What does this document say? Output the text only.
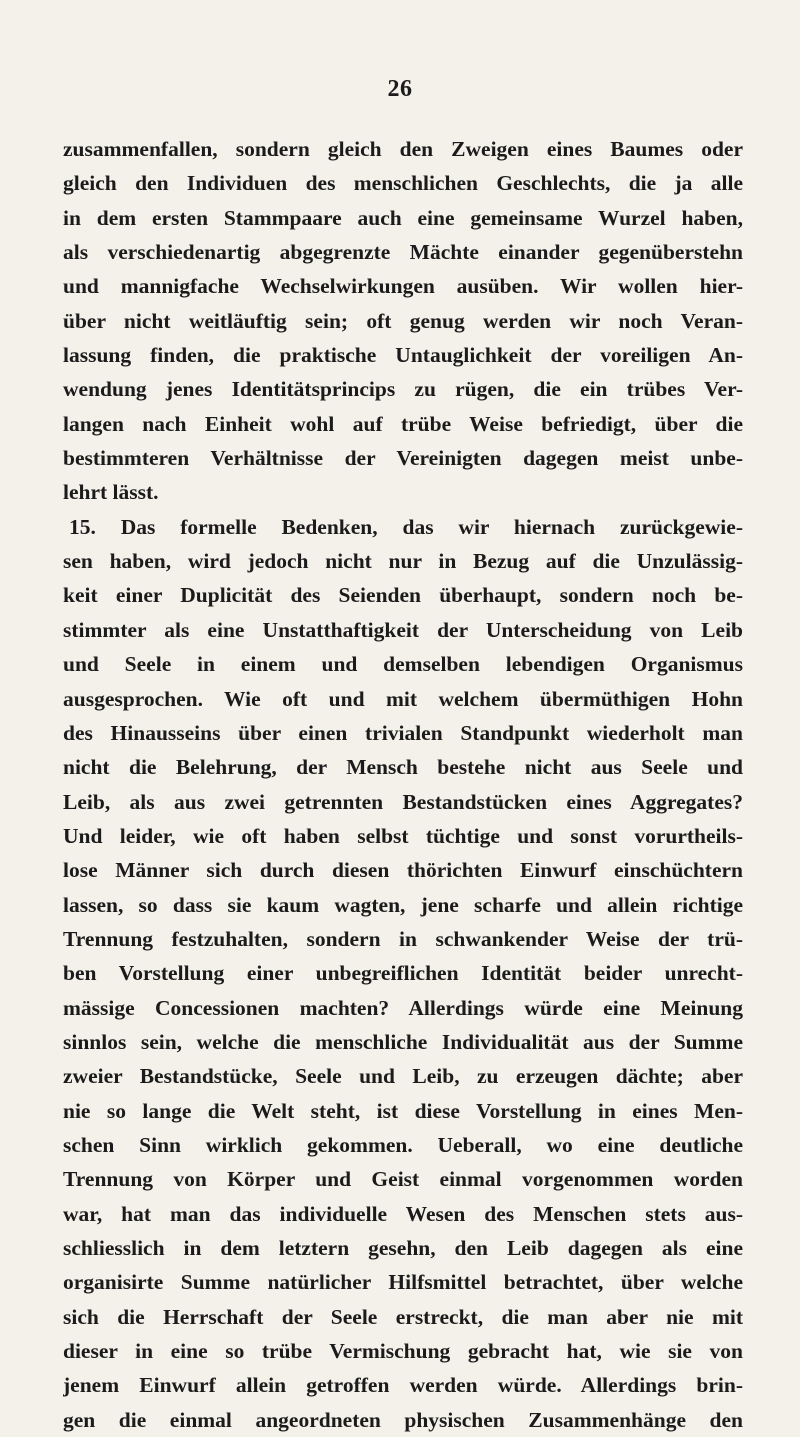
26
zusammenfallen, sondern gleich den Zweigen eines Baumes oder
gleich den Individuen des menschlichen Geschlechts, die ja alle
in dem ersten Stammpaare auch eine gemeinsame Wurzel haben,
als verschiedenartig abgegrenzte Mächte einander gegenüberstehn
und mannigfache Wechselwirkungen ausüben. Wir wollen hier-
über nicht weitläuftig sein; oft genug werden wir noch Veran-
lassung finden, die praktische Untauglichkeit der voreiligen An-
wendung jenes Identitätsprincips zu rügen, die ein trübes Ver-
langen nach Einheit wohl auf trübe Weise befriedigt, über die
bestimmteren Verhältnisse der Vereinigten dagegen meist unbe-
lehrt lässt.
15. Das formelle Bedenken, das wir hiernach zurückgewie-
sen haben, wird jedoch nicht nur in Bezug auf die Unzulässig-
keit einer Duplicität des Seienden überhaupt, sondern noch be-
stimmter als eine Unstatthaftigkeit der Unterscheidung von Leib
und Seele in einem und demselben lebendigen Organismus
ausgesprochen. Wie oft und mit welchem übermüthigen Hohn
des Hinausseins über einen trivialen Standpunkt wiederholt man
nicht die Belehrung, der Mensch bestehe nicht aus Seele und
Leib, als aus zwei getrennten Bestandstücken eines Aggregates?
Und leider, wie oft haben selbst tüchtige und sonst vorurtheils-
lose Männer sich durch diesen thörichten Einwurf einschüchtern
lassen, so dass sie kaum wagten, jene scharfe und allein richtige
Trennung festzuhalten, sondern in schwankender Weise der trü-
ben Vorstellung einer unbegreiflichen Identität beider unrecht-
mässige Concessionen machten? Allerdings würde eine Meinung
sinnlos sein, welche die menschliche Individualität aus der Summe
zweier Bestandstücke, Seele und Leib, zu erzeugen dächte; aber
nie so lange die Welt steht, ist diese Vorstellung in eines Men-
schen Sinn wirklich gekommen. Ueberall, wo eine deutliche
Trennung von Körper und Geist einmal vorgenommen worden
war, hat man das individuelle Wesen des Menschen stets aus-
schliesslich in dem letztern gesehn, den Leib dagegen als eine
organisirte Summe natürlicher Hilfsmittel betrachtet, über welche
sich die Herrschaft der Seele erstreckt, die man aber nie mit
dieser in eine so trübe Vermischung gebracht hat, wie sie von
jenem Einwurf allein getroffen werden würde. Allerdings brin-
gen die einmal angeordneten physischen Zusammenhänge den
